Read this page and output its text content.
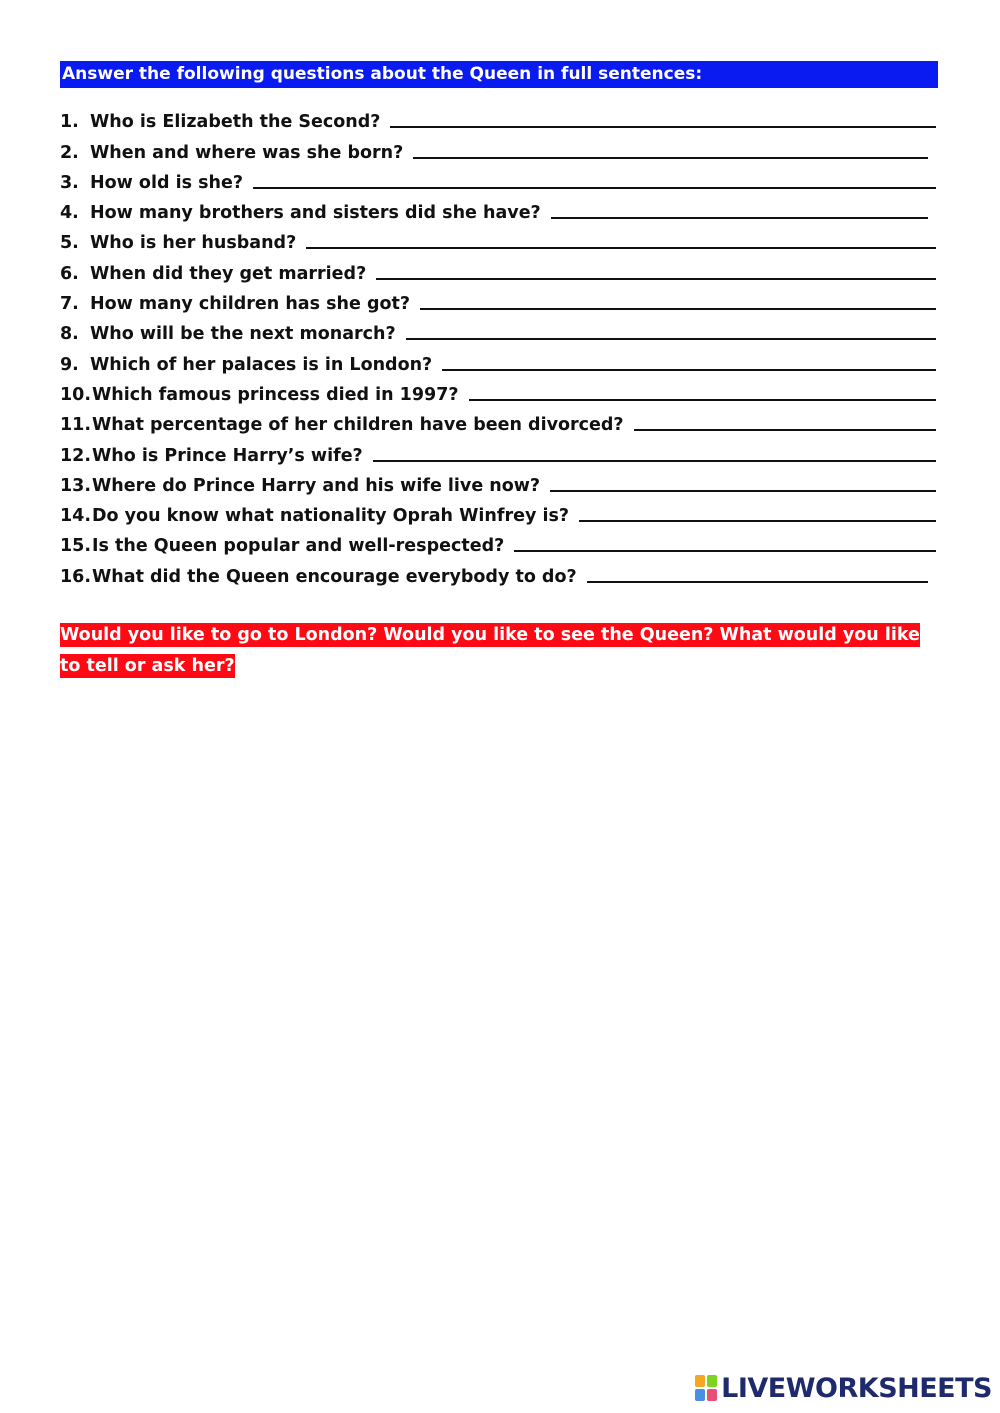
Answer the following questions about the Queen in full sentences:
1. Who is Elizabeth the Second?
2. When and where was she born?
3. How old is she?
4. How many brothers and sisters did she have?
5. Who is her husband?
6. When did they get married?
7. How many children has she got?
8. Who will be the next monarch?
9. Which of her palaces is in London?
10. Which famous princess died in 1997?
11. What percentage of her children have been divorced?
12. Who is Prince Harry’s wife?
13. Where do Prince Harry and his wife live now?
14. Do you know what nationality Oprah Winfrey is?
15. Is the Queen popular and well-respected?
16. What did the Queen encourage everybody to do?
Would you like to go to London? Would you like to see the Queen? What would you like to tell or ask her?
LIVEWORKSHEETS
